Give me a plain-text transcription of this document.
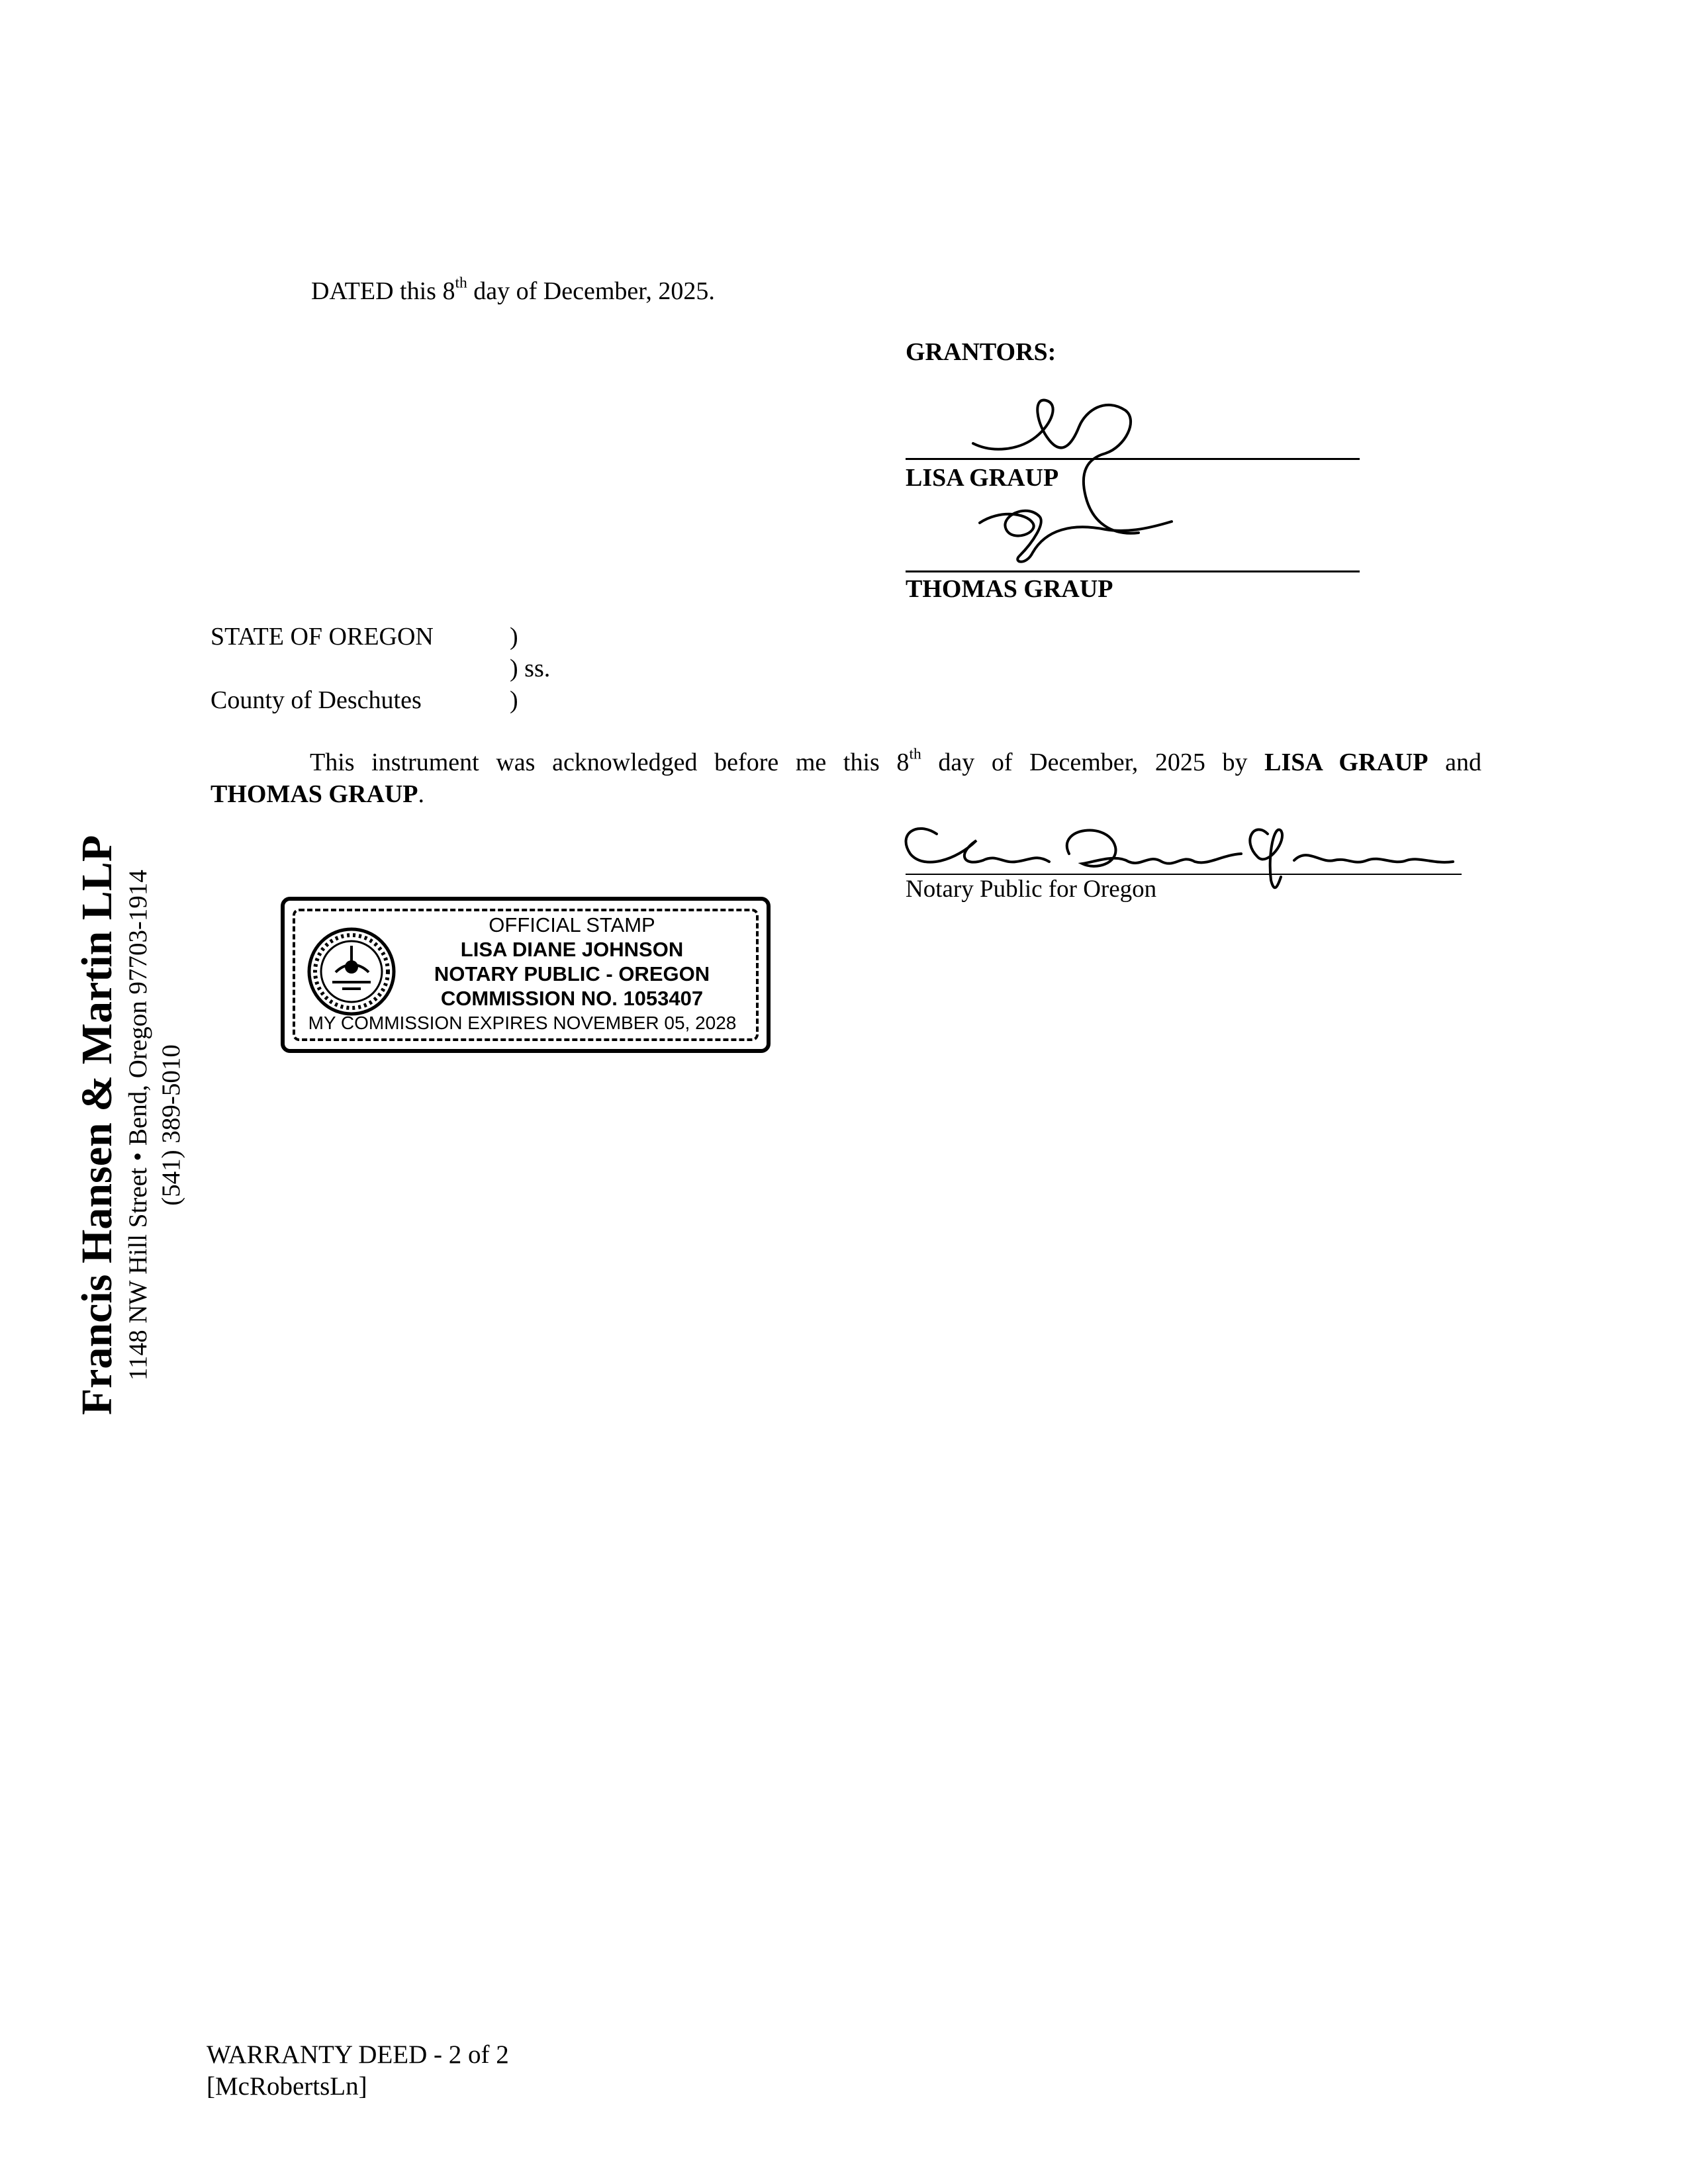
DATED this 8th day of December, 2025.
GRANTORS:
LISA GRAUP
THOMAS GRAUP
STATE OF OREGON	)
) ss.
County of Deschutes	)
This instrument was acknowledged before me this 8th day of December, 2025 by LISA GRAUP and
THOMAS GRAUP.
Notary Public for Oregon
OFFICIAL STAMP
LISA DIANE JOHNSON
NOTARY PUBLIC - OREGON
COMMISSION NO. 1053407
MY COMMISSION EXPIRES NOVEMBER 05, 2028
Francis Hansen & Martin LLP 1148 NW Hill Street • Bend, Oregon 97703-1914 (541) 389-5010
WARRANTY DEED - 2 of 2
[McRobertsLn]
